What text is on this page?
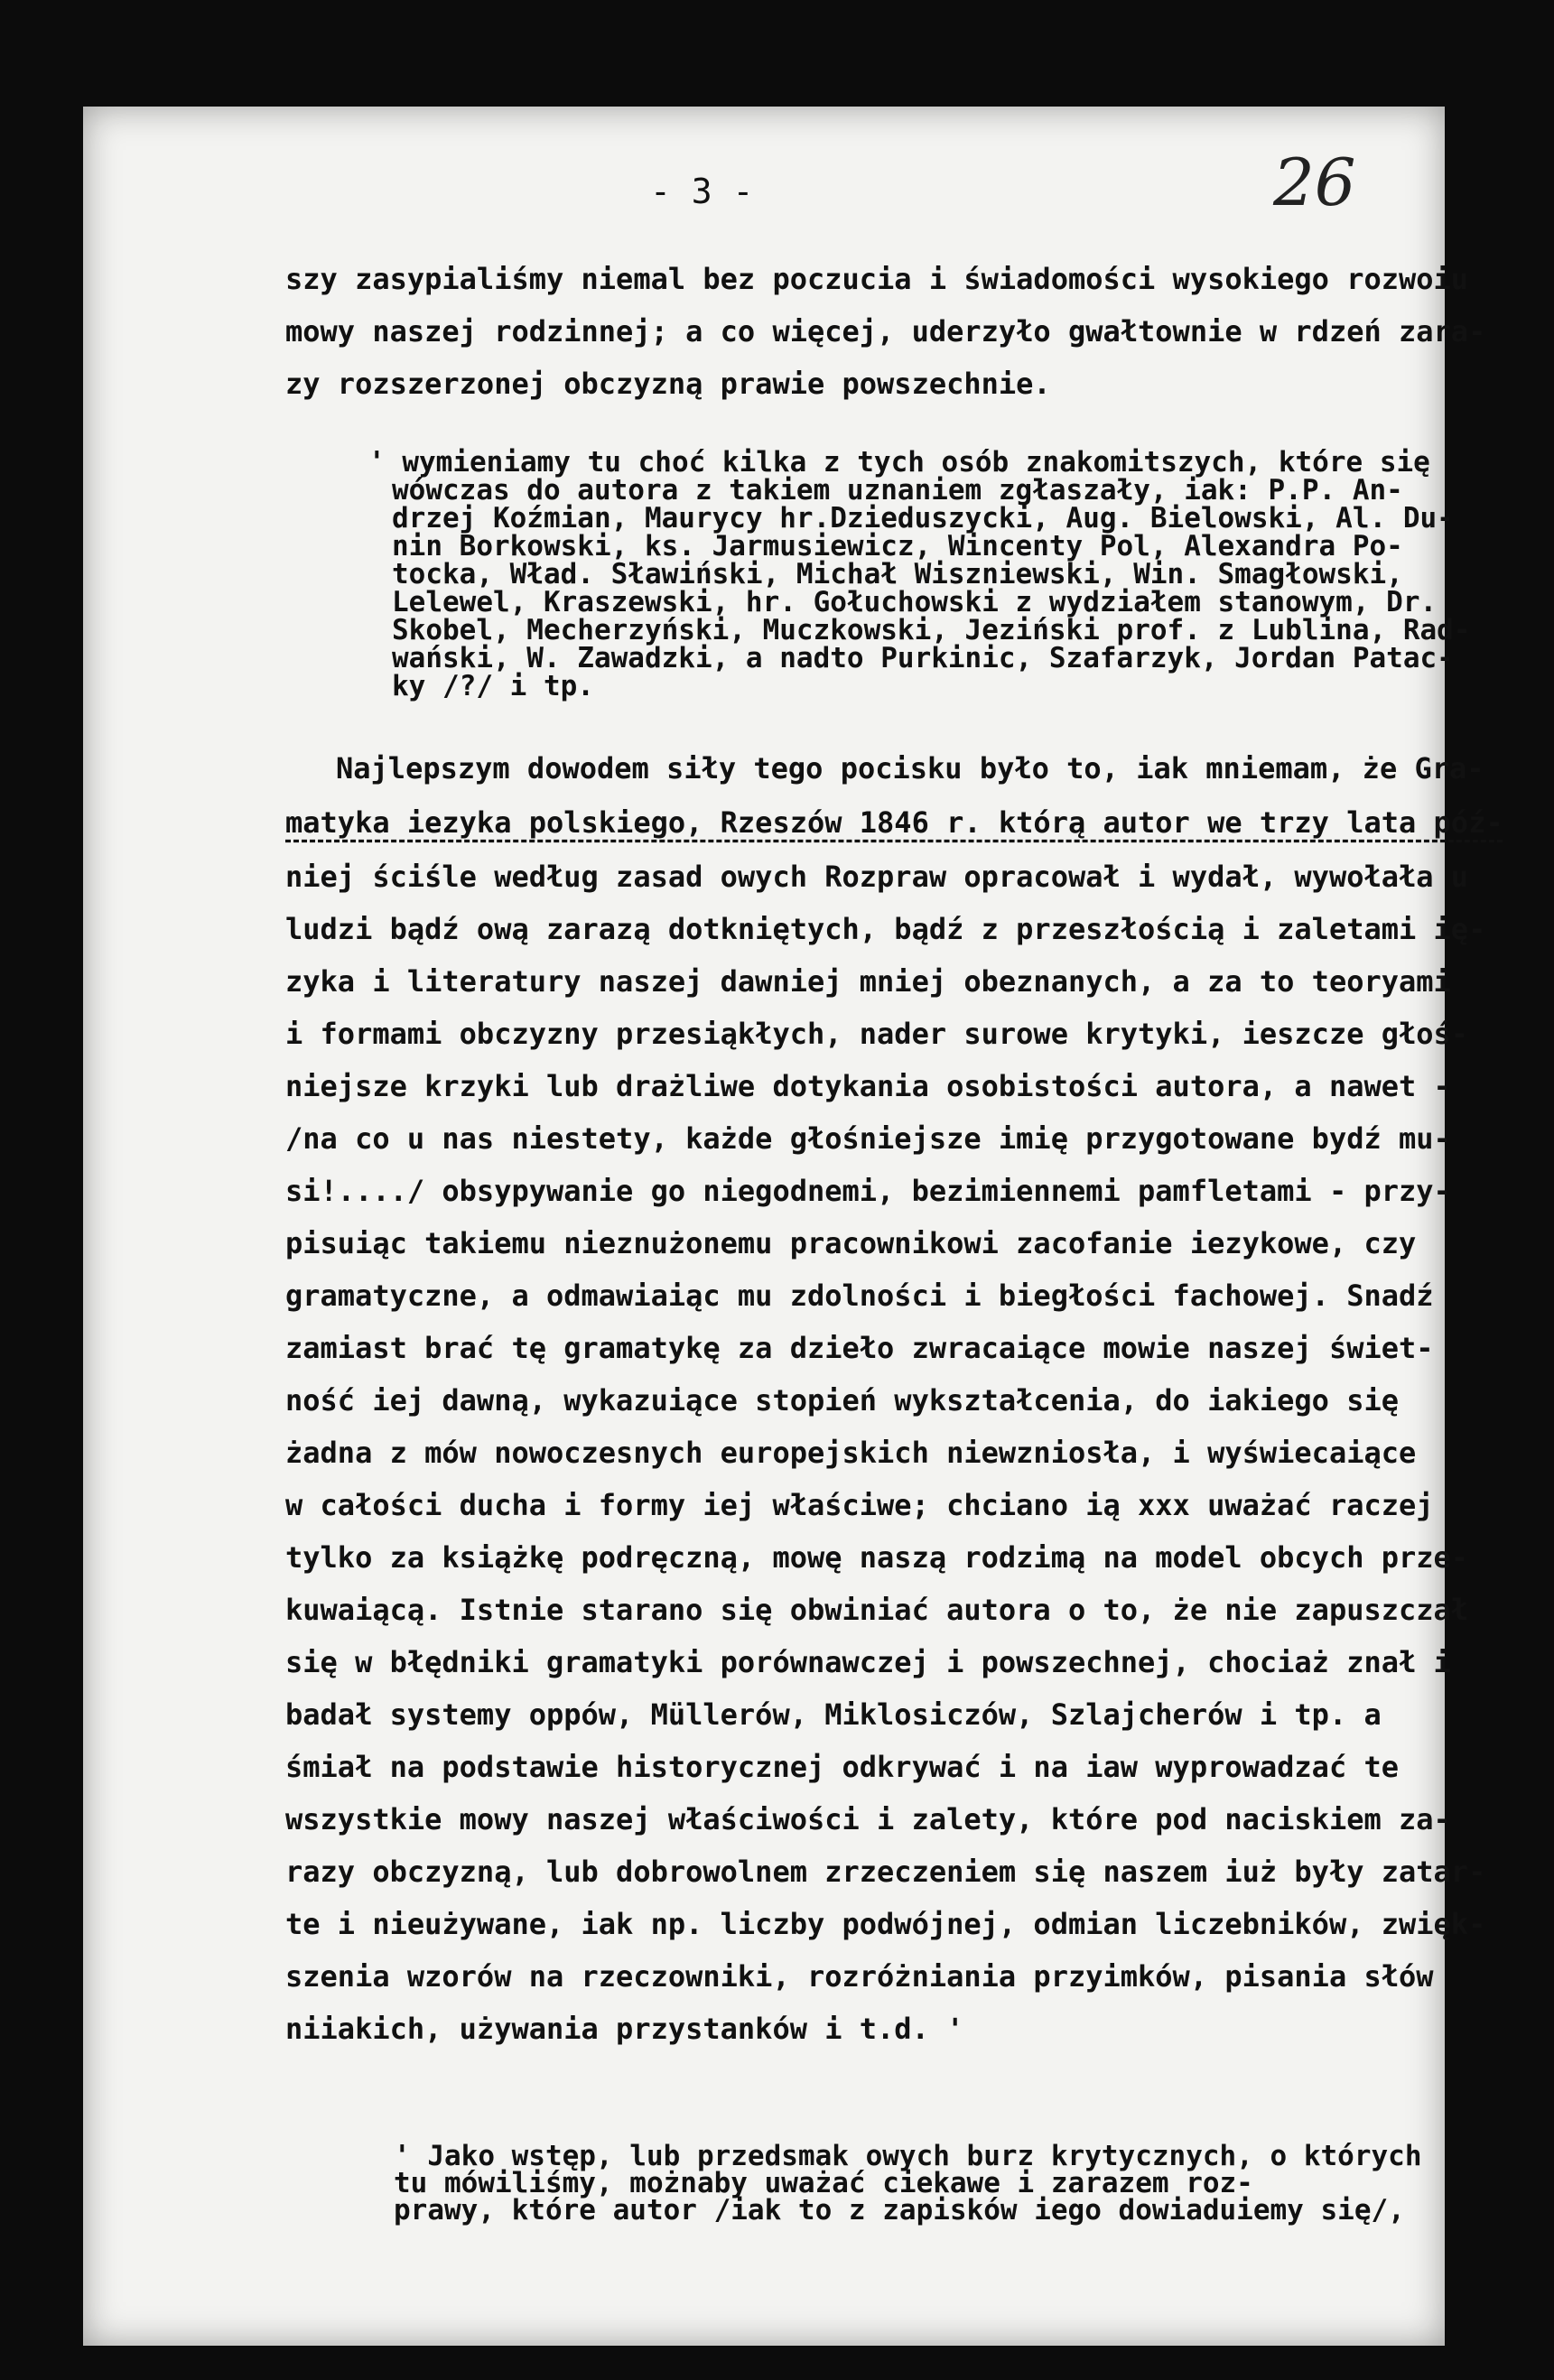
- 3 -	26

szy zasypialiśmy niemal bez poczucia i świadomości wysokiego rozwoiu

mowy naszej rodzinnej; a co więcej, uderzyło gwałtownie w rdzeń zara-

zy rozszerzonej obczyzną prawie powszechnie.

' wymieniamy tu choć kilka z tych osób znakomitszych, które się

wówczas do autora z takiem uznaniem zgłaszały, iak: P.P. An-

drzej Koźmian, Maurycy hr.Dzieduszycki, Aug. Bielowski, Al. Du-

nin Borkowski, ks. Jarmusiewicz, Wincenty Pol, Alexandra Po-

tocka, Wład. Sławiński, Michał Wiszniewski, Win. Smagłowski,

Lelewel, Kraszewski, hr. Gołuchowski z wydziałem stanowym, Dr.

Skobel, Mecherzyński, Muczkowski, Jeziński prof. z Lublina, Rad-

wański, W. Zawadzki, a nadto Purkinic, Szafarzyk, Jordan Patac-

ky /?/ i tp.

Najlepszym dowodem siły tego pocisku było to, iak mniemam, że Gra-

matyka iezyka polskiego, Rzeszów 1846 r. którą autor we trzy lata póź-

niej ściśle według zasad owych Rozpraw opracował i wydał, wywołała u

ludzi bądź ową zarazą dotkniętych, bądź z przeszłością i zaletami ię-

zyka i literatury naszej dawniej mniej obeznanych, a za to teoryami

i formami obczyzny przesiąkłych, nader surowe krytyki, ieszcze głoś-

niejsze krzyki lub drażliwe dotykania osobistości autora, a nawet -

/na co u nas niestety, każde głośniejsze imię przygotowane bydź mu-

si!..../ obsypywanie go niegodnemi, bezimiennemi pamfletami - przy-

pisuiąc takiemu nieznużonemu pracownikowi zacofanie iezykowe, czy

gramatyczne, a odmawiaiąc mu zdolności i biegłości fachowej. Snadź

zamiast brać tę gramatykę za dzieło zwracaiące mowie naszej świet-

ność iej dawną, wykazuiące stopień wykształcenia, do iakiego się

żadna z mów nowoczesnych europejskich niewzniosła, i wyświecaiące

w całości ducha i formy iej właściwe; chciano ią xxx uważać raczej

tylko za książkę podręczną, mowę naszą rodzimą na model obcych prze-

kuwaiącą. Istnie starano się obwiniać autora o to, że nie zapuszczał

się w błędniki gramatyki porównawczej i powszechnej, chociaż znał i

badał systemy oppów, Müllerów, Miklosiczów, Szlajcherów i tp. a

śmiał na podstawie historycznej odkrywać i na iaw wyprowadzać te

wszystkie mowy naszej właściwości i zalety, które pod naciskiem za-

razy obczyzną, lub dobrowolnem zrzeczeniem się naszem iuż były zatar-

te i nieużywane, iak np. liczby podwójnej, odmian liczebników, zwięk-

szenia wzorów na rzeczowniki, rozróżniania przyimków, pisania słów

niiakich, używania przystanków i t.d. '

' Jako wstęp, lub przedsmak owych burz krytycznych, o których

tu mówiliśmy, możnaby uważać ciekawe i zarazem roz-

prawy, które autor /iak to z zapisków iego dowiaduiemy się/,
